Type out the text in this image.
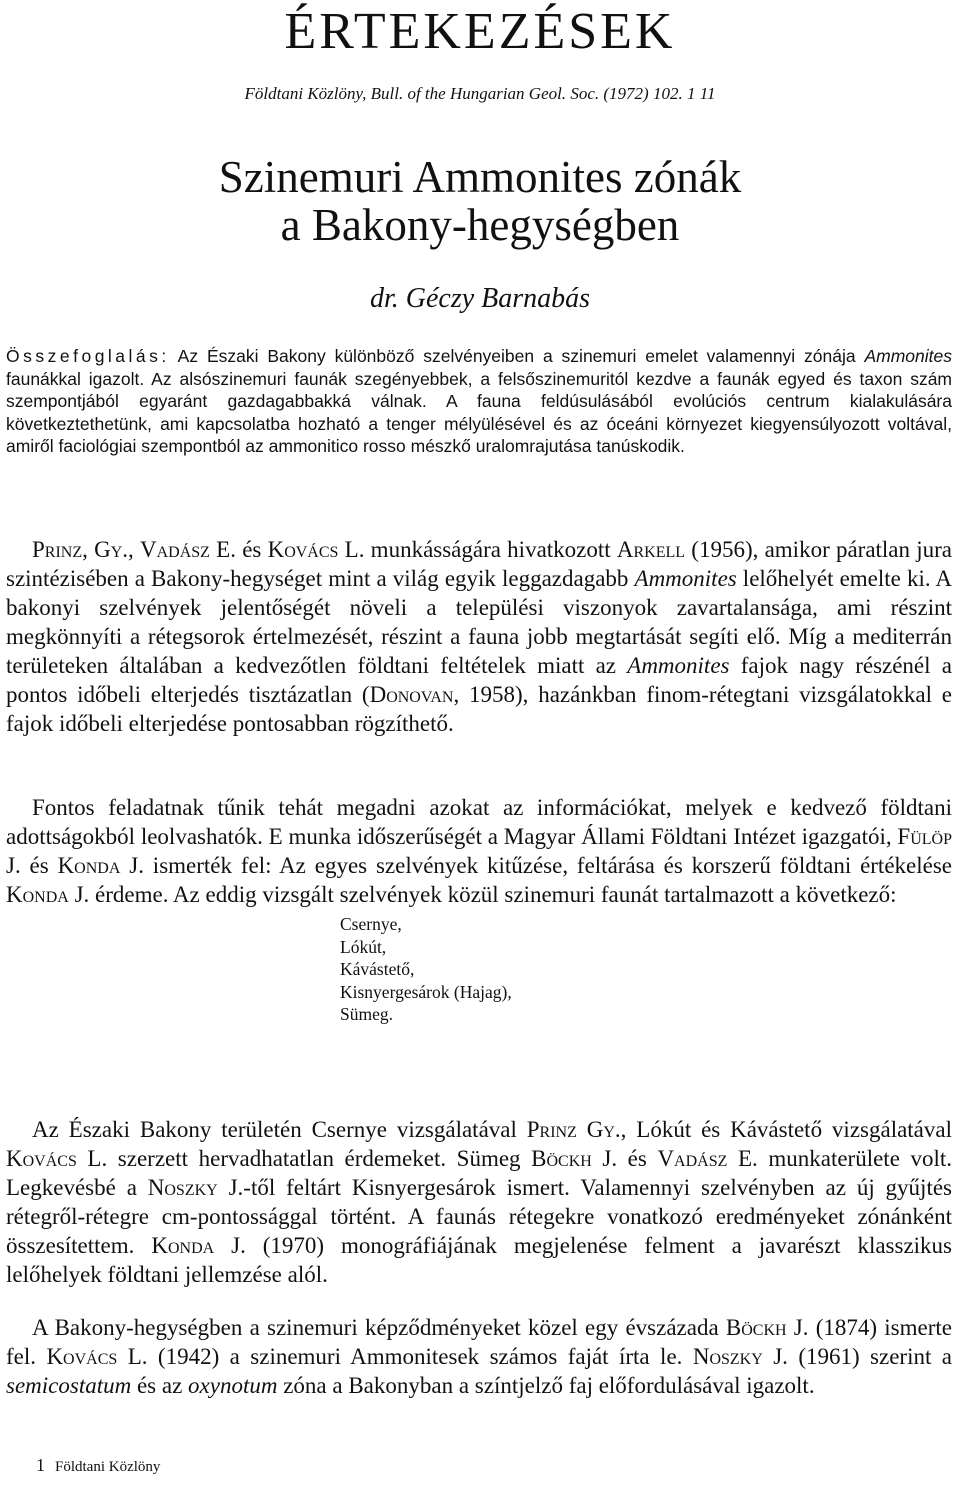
ÉRTEKEZÉSEK

Földtani Közlöny, Bull. of the Hungarian Geol. Soc. (1972) 102. 1 11

Szinemuri Ammonites zónák
a Bakony-hegységben

dr. Géczy Barnabás

Összefoglalás: Az Északi Bakony különböző szelvényeiben a szinemuri emelet valamennyi zónája Ammonites faunákkal igazolt. Az alsószinemuri faunák szegényebbek, a felsőszinemuritól kezdve a faunák egyed és taxon szám szempontjából egyaránt gazdagabbakká válnak. A fauna feldúsulásából evolúciós centrum kialakulására következtethetünk, ami kapcsolatba hozható a tenger mélyülésével és az óceáni környezet kiegyensúlyozott voltával, amiről faciológiai szempontból az ammonitico rosso mészkő uralomrajutása tanúskodik.

Prinz, Gy., Vadász E. és Kovács L. munkásságára hivatkozott Arkell (1956), amikor páratlan jura szintézisében a Bakony-hegységet mint a világ egyik leggazdagabb Ammonites lelőhelyét emelte ki. A bakonyi szelvények jelentőségét növeli a települési viszonyok zavartalansága, ami részint megkönnyíti a rétegsorok értelmezését, részint a fauna jobb megtartását segíti elő. Míg a mediterrán területeken általában a kedvezőtlen földtani feltételek miatt az Ammonites fajok nagy részénél a pontos időbeli elterjedés tisztázatlan (Donovan, 1958), hazánkban finom-rétegtani vizsgálatokkal e fajok időbeli elterjedése pontosabban rögzíthető.

Fontos feladatnak tűnik tehát megadni azokat az információkat, melyek e kedvező földtani adottságokból leolvashatók. E munka időszerűségét a Magyar Állami Földtani Intézet igazgatói, Fülöp J. és Konda J. ismerték fel: Az egyes szelvények kitűzése, feltárása és korszerű földtani értékelése Konda J. érdeme. Az eddig vizsgált szelvények közül szinemuri faunát tartalmazott a következő:

Csernye,
Lókút,
Kávástető,
Kisnyergesárok (Hajag),
Sümeg.

Az Északi Bakony területén Csernye vizsgálatával Prinz Gy., Lókút és Kávástető vizsgálatával Kovács L. szerzett hervadhatatlan érdemeket. Sümeg Böckh J. és Vadász E. munkaterülete volt. Legkevésbé a Noszky J.-től feltárt Kisnyergesárok ismert. Valamennyi szelvényben az új gyűjtés rétegről-rétegre cm-pontossággal történt. A faunás rétegekre vonatkozó eredményeket zónánként összesítettem. Konda J. (1970) monográfiájának megjelenése felment a javarészt klasszikus lelőhelyek földtani jellemzése alól.

A Bakony-hegységben a szinemuri képződményeket közel egy évszázada Böckh J. (1874) ismerte fel. Kovács L. (1942) a szinemuri Ammonitesek számos faját írta le. Noszky J. (1961) szerint a semicostatum és az oxynotum zóna a Bakonyban a színtjelző faj előfordulásával igazolt.

1 Földtani Közlöny
